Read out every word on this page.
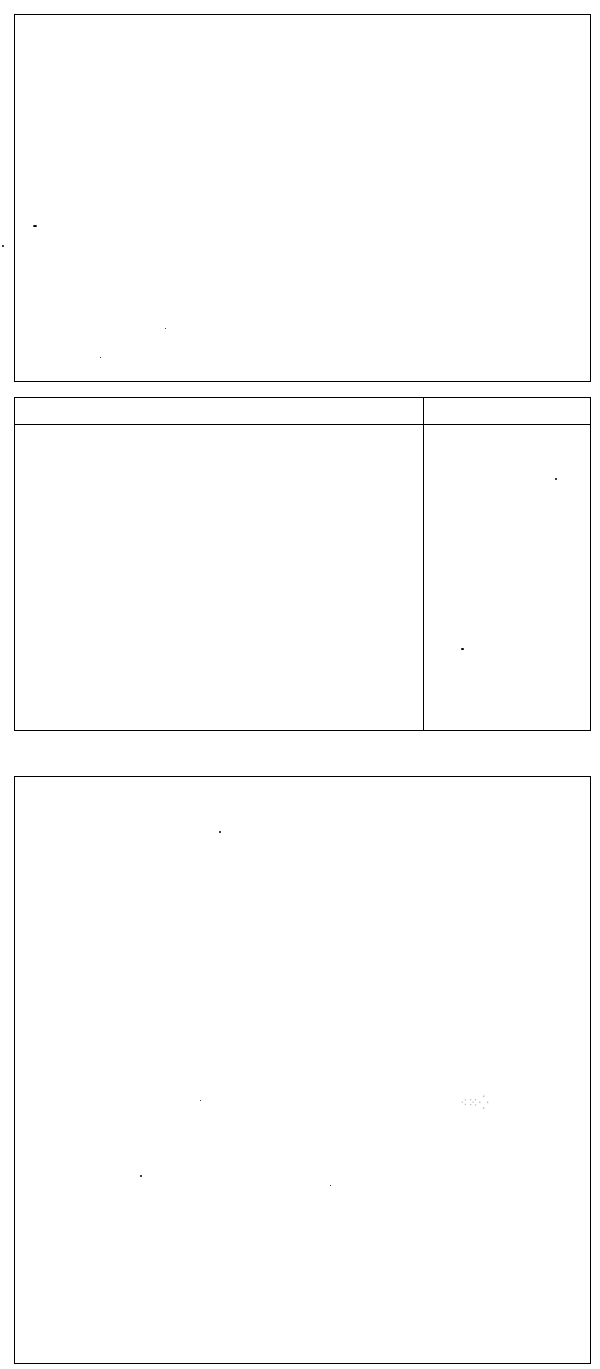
⁖⁙⁛
